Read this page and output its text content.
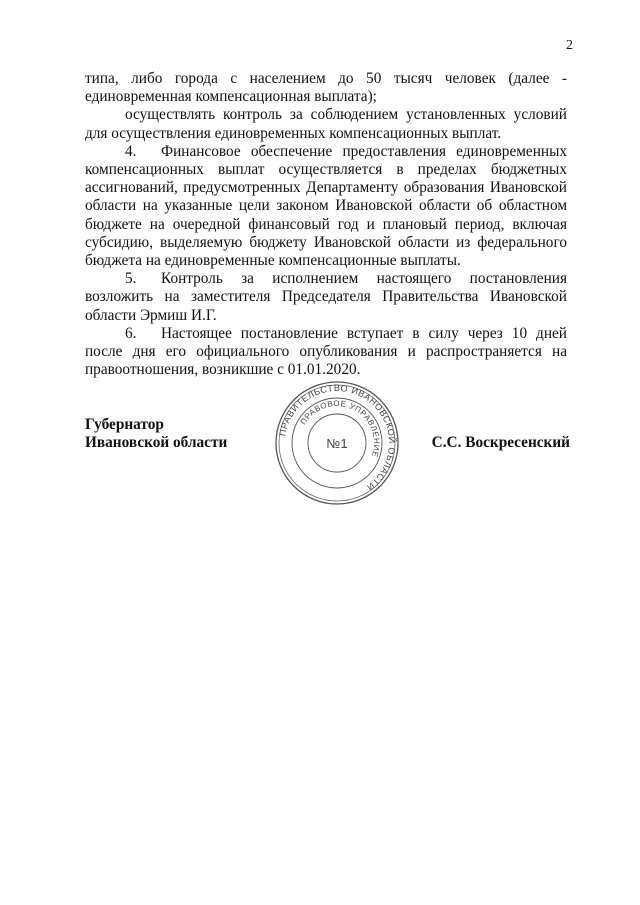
2

типа, либо города с населением до 50 тысяч человек (далее - единовременная компенсационная выплата);

осуществлять контроль за соблюдением установленных условий для осуществления единовременных компенсационных выплат.

4. Финансовое обеспечение предоставления единовременных компенсационных выплат осуществляется в пределах бюджетных ассигнований, предусмотренных Департаменту образования Ивановской области на указанные цели законом Ивановской области об областном бюджете на очередной финансовый год и плановый период, включая субсидию, выделяемую бюджету Ивановской области из федерального бюджета на единовременные компенсационные выплаты.

5. Контроль за исполнением настоящего постановления возложить на заместителя Председателя Правительства Ивановской области Эрмиш И.Г.

6. Настоящее постановление вступает в силу через 10 дней после дня его официального опубликования и распространяется на правоотношения, возникшие с 01.01.2020.

Губернатор
Ивановской области	С.С. Воскресенский
ПРАВИТЕЛЬСТВО ИВАНОВСКОЙ ОБЛАСТИ
ПРАВОВОЕ УПРАВЛЕНИЕ
№1
